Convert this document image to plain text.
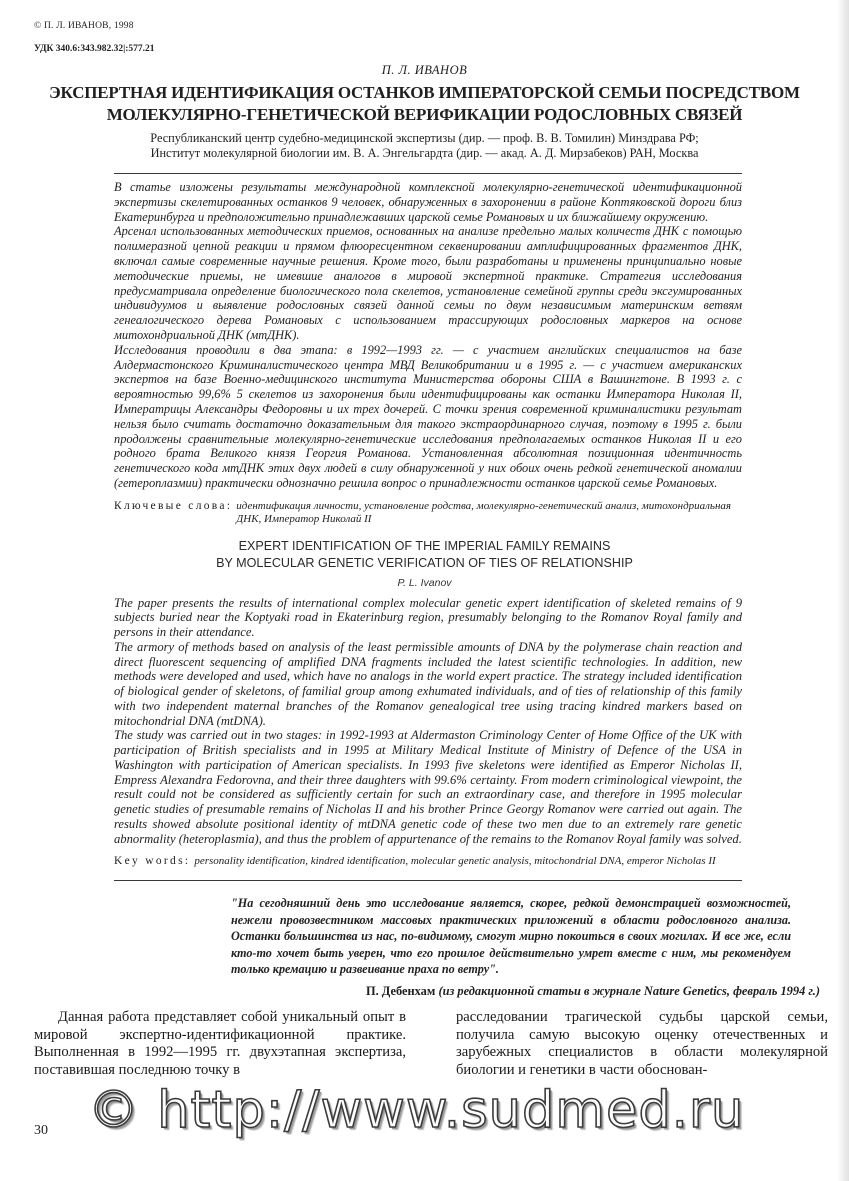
© П. Л. ИВАНОВ, 1998
УДК 340.6:343.982.32|:577.21
П. Л. ИВАНОВ
ЭКСПЕРТНАЯ ИДЕНТИФИКАЦИЯ ОСТАНКОВ ИМПЕРАТОРСКОЙ СЕМЬИ ПОСРЕДСТВОМ
МОЛЕКУЛЯРНО-ГЕНЕТИЧЕСКОЙ ВЕРИФИКАЦИИ РОДОСЛОВНЫХ СВЯЗЕЙ
Республиканский центр судебно-медицинской экспертизы (дир. — проф. В. В. Томилин) Минздрава РФ;
Институт молекулярной биологии им. В. А. Энгельгардта (дир. — акад. А. Д. Мирзабеков) РАН, Москва

В статье изложены результаты международной комплексной молекулярно-генетической идентификационной экспертизы скелетированных останков 9 человек, обнаруженных в захоронении в районе Коптяковской дороги близ Екатеринбурга и предположительно принадлежавших царской семье Романовых и их ближайшему окружению.

Арсенал использованных методических приемов, основанных на анализе предельно малых количеств ДНК с помощью полимеразной цепной реакции и прямом флюоресцентном секвенировании амплифицированных фрагментов ДНК, включал самые современные научные решения. Кроме того, были разработаны и применены принципиально новые методические приемы, не имевшие аналогов в мировой экспертной практике. Стратегия исследования предусматривала определение биологического пола скелетов, установление семейной группы среди эксгумированных индивидуумов и выявление родословных связей данной семьи по двум независимым материнским ветвям генеалогического дерева Романовых с использованием трассирующих родословных маркеров на основе митохондриальной ДНК (мтДНК).

Исследования проводили в два этапа: в 1992—1993 гг. — с участием английских специалистов на базе Алдермастонского Криминалистического центра МВД Великобритании и в 1995 г. — с участием американских экспертов на базе Военно-медицинского института Министерства обороны США в Вашингтоне. В 1993 г. с вероятностью 99,6% 5 скелетов из захоронения были идентифицированы как останки Императора Николая II, Императрицы Александры Федоровны и их трех дочерей. С точки зрения современной криминалистики результат нельзя было считать достаточно доказательным для такого экстраординарного случая, поэтому в 1995 г. были продолжены сравнительные молекулярно-генетические исследования предполагаемых останков Николая II и его родного брата Великого князя Георгия Романова. Установленная абсолютная позиционная идентичность генетического кода мтДНК этих двух людей в силу обнаруженной у них обоих очень редкой генетической аномалии (гетероплазмии) практически однозначно решила вопрос о принадлежности останков царской семье Романовых.

Ключевые слова: идентификация личности, установление родства, молекулярно-генетический анализ, митохондриальная ДНК, Император Николай II
EXPERT IDENTIFICATION OF THE IMPERIAL FAMILY REMAINS
BY MOLECULAR GENETIC VERIFICATION OF TIES OF RELATIONSHIP
P. L. Ivanov

The paper presents the results of international complex molecular genetic expert identification of skeleted remains of 9 subjects buried near the Koptyaki road in Ekaterinburg region, presumably belonging to the Romanov Royal family and persons in their attendance.

The armory of methods based on analysis of the least permissible amounts of DNA by the polymerase chain reaction and direct fluorescent sequencing of amplified DNA fragments included the latest scientific technologies. In addition, new methods were developed and used, which have no analogs in the world expert practice. The strategy included identification of biological gender of skeletons, of familial group among exhumated individuals, and of ties of relationship of this family with two independent maternal branches of the Romanov genealogical tree using tracing kindred markers based on mitochondrial DNA (mtDNA).

The study was carried out in two stages: in 1992-1993 at Aldermaston Criminology Center of Home Office of the UK with participation of British specialists and in 1995 at Military Medical Institute of Ministry of Defence of the USA in Washington with participation of American specialists. In 1993 five skeletons were identified as Emperor Nicholas II, Empress Alexandra Fedorovna, and their three daughters with 99.6% certainty. From modern criminological viewpoint, the result could not be considered as sufficiently certain for such an extraordinary case, and therefore in 1995 molecular genetic studies of presumable remains of Nicholas II and his brother Prince Georgy Romanov were carried out again. The results showed absolute positional identity of mtDNA genetic code of these two men due to an extremely rare genetic abnormality (heteroplasmia), and thus the problem of appurtenance of the remains to the Romanov Royal family was solved.

Key words: personality identification, kindred identification, molecular genetic analysis, mitochondrial DNA, emperor Nicholas II
"На сегодняшний день это исследование является, скорее, редкой демонстрацией возможностей, нежели провозвестником массовых практических приложений в области родословного анализа. Останки большинства из нас, по-видимому, смогут мирно покоиться в своих могилах. И все же, если кто-то хочет быть уверен, что его прошлое действительно умрет вместе с ним, мы рекомендуем только кремацию и развеивание праха по ветру".
П. Дебенхам (из редакционной статьи в журнале Nature Genetics, февраль 1994 г.)
Данная работа представляет собой уникальный опыт в мировой экспертно-идентификационной практике. Выполненная в 1992—1995 гг. двухэтапная экспертиза, поставившая последнюю точку в
расследовании трагической судьбы царской семьи, получила самую высокую оценку отечественных и зарубежных специалистов в области молекулярной биологии и генетики в части обоснован-
30 © http://www.sudmed.ru
